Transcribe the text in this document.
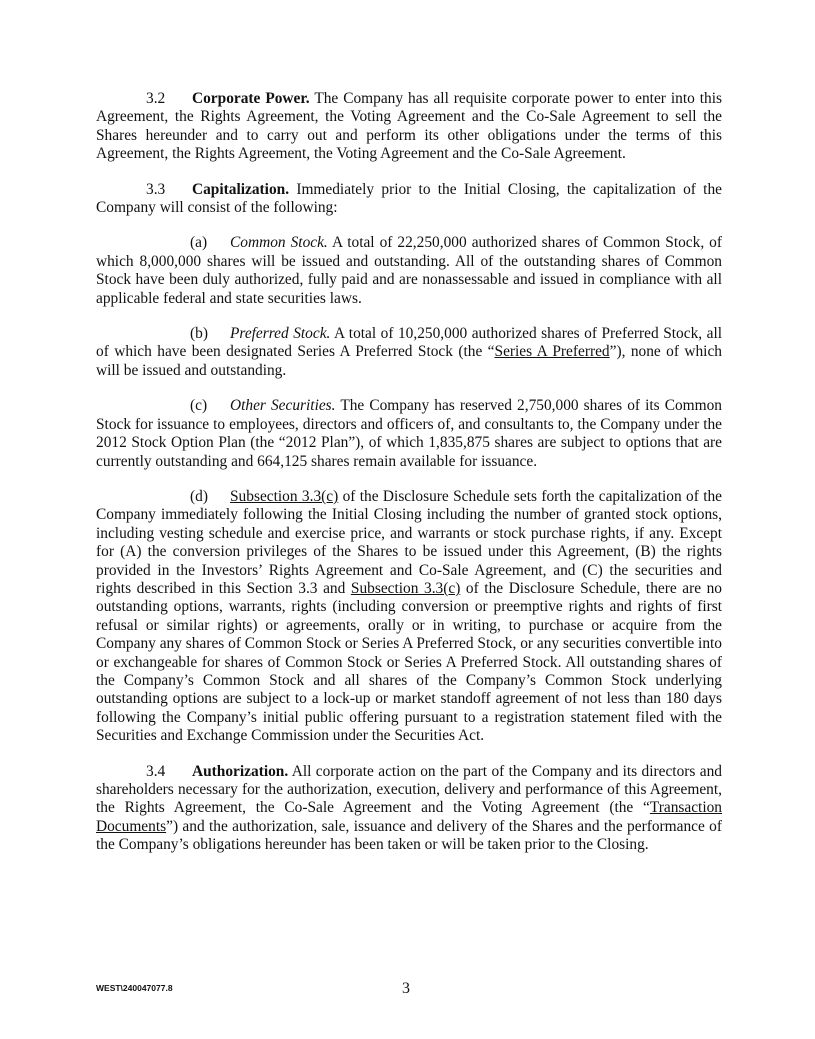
3.2 Corporate Power. The Company has all requisite corporate power to enter into this Agreement, the Rights Agreement, the Voting Agreement and the Co-Sale Agreement to sell the Shares hereunder and to carry out and perform its other obligations under the terms of this Agreement, the Rights Agreement, the Voting Agreement and the Co-Sale Agreement.

3.3 Capitalization. Immediately prior to the Initial Closing, the capitalization of the Company will consist of the following:

(a) Common Stock. A total of 22,250,000 authorized shares of Common Stock, of which 8,000,000 shares will be issued and outstanding. All of the outstanding shares of Common Stock have been duly authorized, fully paid and are nonassessable and issued in compliance with all applicable federal and state securities laws.

(b) Preferred Stock. A total of 10,250,000 authorized shares of Preferred Stock, all of which have been designated Series A Preferred Stock (the “Series A Preferred”), none of which will be issued and outstanding.

(c) Other Securities. The Company has reserved 2,750,000 shares of its Common Stock for issuance to employees, directors and officers of, and consultants to, the Company under the 2012 Stock Option Plan (the “2012 Plan”), of which 1,835,875 shares are subject to options that are currently outstanding and 664,125 shares remain available for issuance.

(d) Subsection 3.3(c) of the Disclosure Schedule sets forth the capitalization of the Company immediately following the Initial Closing including the number of granted stock options, including vesting schedule and exercise price, and warrants or stock purchase rights, if any. Except for (A) the conversion privileges of the Shares to be issued under this Agreement, (B) the rights provided in the Investors’ Rights Agreement and Co-Sale Agreement, and (C) the securities and rights described in this Section 3.3 and Subsection 3.3(c) of the Disclosure Schedule, there are no outstanding options, warrants, rights (including conversion or preemptive rights and rights of first refusal or similar rights) or agreements, orally or in writing, to purchase or acquire from the Company any shares of Common Stock or Series A Preferred Stock, or any securities convertible into or exchangeable for shares of Common Stock or Series A Preferred Stock. All outstanding shares of the Company’s Common Stock and all shares of the Company’s Common Stock underlying outstanding options are subject to a lock-up or market standoff agreement of not less than 180 days following the Company’s initial public offering pursuant to a registration statement filed with the Securities and Exchange Commission under the Securities Act.

3.4 Authorization. All corporate action on the part of the Company and its directors and shareholders necessary for the authorization, execution, delivery and performance of this Agreement, the Rights Agreement, the Co-Sale Agreement and the Voting Agreement (the “Transaction Documents”) and the authorization, sale, issuance and delivery of the Shares and the performance of the Company’s obligations hereunder has been taken or will be taken prior to the Closing.

WEST\240047077.8	3
